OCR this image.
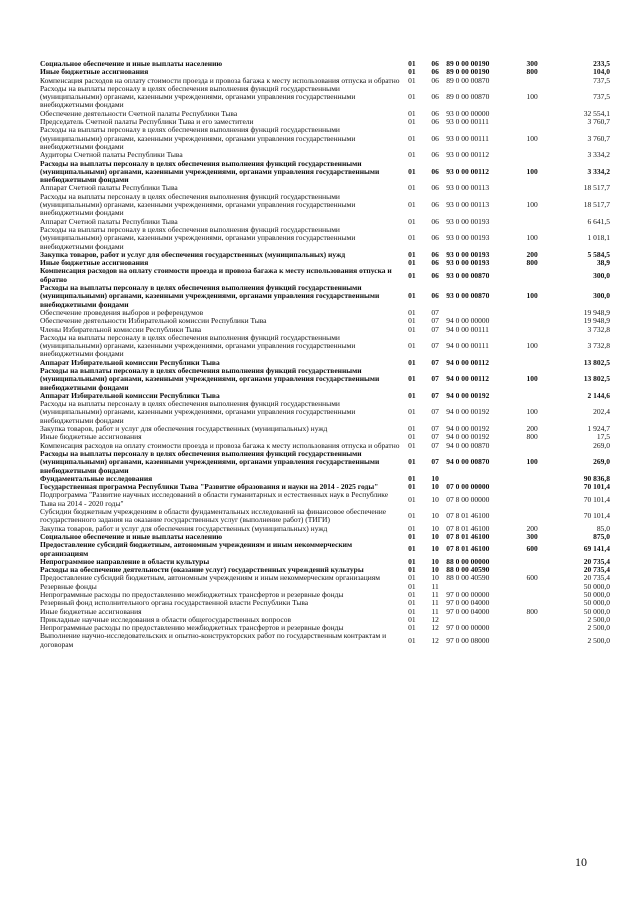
Социальное обеспечение и иные выплаты населению	01	06	89 0 00 00190	300	233,5
Иные бюджетные ассигнования	01	06	89 0 00 00190	800	104,0
Компенсация расходов на оплату стоимости проезда и провоза багажа к месту использования отпуска и обратно	01	06	89 0 00 00870		737,5
Расходы на выплаты персоналу в целях обеспечения выполнения функций государственными (муниципальными) органами, казенными учреждениями, органами управления государственными внебюджетными фондами	01	06	89 0 00 00870	100	737,5
Обеспечение деятельности Счетной палаты Республики Тыва	01	06	93 0 00 00000		32 554,1
Председатель Счетной палаты Республики Тыва и его заместители	01	06	93 0 00 00111		3 760,7
Расходы на выплаты персоналу в целях обеспечения выполнения функций государственными (муниципальными) органами, казенными учреждениями, органами управления государственными внебюджетными фондами	01	06	93 0 00 00111	100	3 760,7
Аудиторы Счетной палаты Республики Тыва	01	06	93 0 00 00112		3 334,2
Расходы на выплаты персоналу в целях обеспечения выполнения функций государственными (муниципальными) органами, казенными учреждениями, органами управления государственными внебюджетными фондами	01	06	93 0 00 00112	100	3 334,2
Аппарат Счетной палаты Республики Тыва	01	06	93 0 00 00113		18 517,7
Расходы на выплаты персоналу в целях обеспечения выполнения функций государственными (муниципальными) органами, казенными учреждениями, органами управления государственными внебюджетными фондами	01	06	93 0 00 00113	100	18 517,7
Аппарат Счетной палаты Республики Тыва	01	06	93 0 00 00193		6 641,5
Расходы на выплаты персоналу в целях обеспечения выполнения функций государственными (муниципальными) органами, казенными учреждениями, органами управления государственными внебюджетными фондами	01	06	93 0 00 00193	100	1 018,1
Закупка товаров, работ и услуг для обеспечения государственных (муниципальных) нужд	01	06	93 0 00 00193	200	5 584,5
Иные бюджетные ассигнования	01	06	93 0 00 00193	800	38,9
Компенсация расходов на оплату стоимости проезда и провоза багажа к месту использования отпуска и обратно	01	06	93 0 00 00870		300,0
Расходы на выплаты персоналу в целях обеспечения выполнения функций государственными (муниципальными) органами, казенными учреждениями, органами управления государственными внебюджетными фондами	01	06	93 0 00 00870	100	300,0
Обеспечение проведения выборов и референдумов	01	07			19 948,9
Обеспечение деятельности Избирательной комиссии Республики Тыва	01	07	94 0 00 00000		19 948,9
Члены Избирательной комиссии Республики Тыва	01	07	94 0 00 00111		3 732,8
Расходы на выплаты персоналу в целях обеспечения выполнения функций государственными (муниципальными) органами, казенными учреждениями, органами управления государственными внебюджетными фондами	01	07	94 0 00 00111	100	3 732,8
Аппарат Избирательной комиссии Республики Тыва	01	07	94 0 00 00112		13 802,5
Расходы на выплаты персоналу в целях обеспечения выполнения функций государственными (муниципальными) органами, казенными учреждениями, органами управления государственными внебюджетными фондами	01	07	94 0 00 00112	100	13 802,5
Аппарат Избирательной комиссии Республики Тыва	01	07	94 0 00 00192		2 144,6
Расходы на выплаты персоналу в целях обеспечения выполнения функций государственными (муниципальными) органами, казенными учреждениями, органами управления государственными внебюджетными фондами	01	07	94 0 00 00192	100	202,4
Закупка товаров, работ и услуг для обеспечения государственных (муниципальных) нужд	01	07	94 0 00 00192	200	1 924,7
Иные бюджетные ассигнования	01	07	94 0 00 00192	800	17,5
Компенсация расходов на оплату стоимости проезда и провоза багажа к месту использования отпуска и обратно	01	07	94 0 00 00870		269,0
Расходы на выплаты персоналу в целях обеспечения выполнения функций государственными (муниципальными) органами, казенными учреждениями, органами управления государственными внебюджетными фондами	01	07	94 0 00 00870	100	269,0
Фундаментальные исследования	01	10			90 836,8
Государственная программа Республики Тыва "Развитие образования и науки на 2014 - 2025 годы"	01	10	07 0 00 00000		70 101,4
Подпрограмма "Развитие научных исследований в области гуманитарных и естественных наук в Республике Тыва на 2014 - 2020 годы"	01	10	07 8 00 00000		70 101,4
Субсидии бюджетным учреждениям в области фундаментальных исследований на финансовое обеспечение государственного задания на оказание государственных услуг (выполнение работ) (ТИГИ)	01	10	07 8 01 46100		70 101,4
Закупка товаров, работ и услуг для обеспечения государственных (муниципальных) нужд	01	10	07 8 01 46100	200	85,0
Социальное обеспечение и иные выплаты населению	01	10	07 8 01 46100	300	875,0
Предоставление субсидий бюджетным, автономным учреждениям и иным некоммерческим организациям	01	10	07 8 01 46100	600	69 141,4
Непрограммное направление в области культуры	01	10	88 0 00 00000		20 735,4
Расходы на обеспечение деятельности (оказание услуг) государственных учреждений культуры	01	10	88 0 00 40590		20 735,4
Предоставление субсидий бюджетным, автономным учреждениям и иным некоммерческим организациям	01	10	88 0 00 40590	600	20 735,4
Резервные фонды	01	11			50 000,0
Непрограммные расходы по предоставлению межбюджетных трансфертов и резервные фонды	01	11	97 0 00 00000		50 000,0
Резервный фонд исполнительного органа государственной власти Республики Тыва	01	11	97 0 00 04000		50 000,0
Иные бюджетные ассигнования	01	11	97 0 00 04000	800	50 000,0
Прикладные научные исследования в области общегосударственных вопросов	01	12			2 500,0
Непрограммные расходы по предоставлению межбюджетных трансфертов и резервные фонды	01	12	97 0 00 00000		2 500,0
Выполнение научно-исследовательских и опытно-конструкторских работ по государственным контрактам и договорам	01	12	97 0 00 08000		2 500,0
10
